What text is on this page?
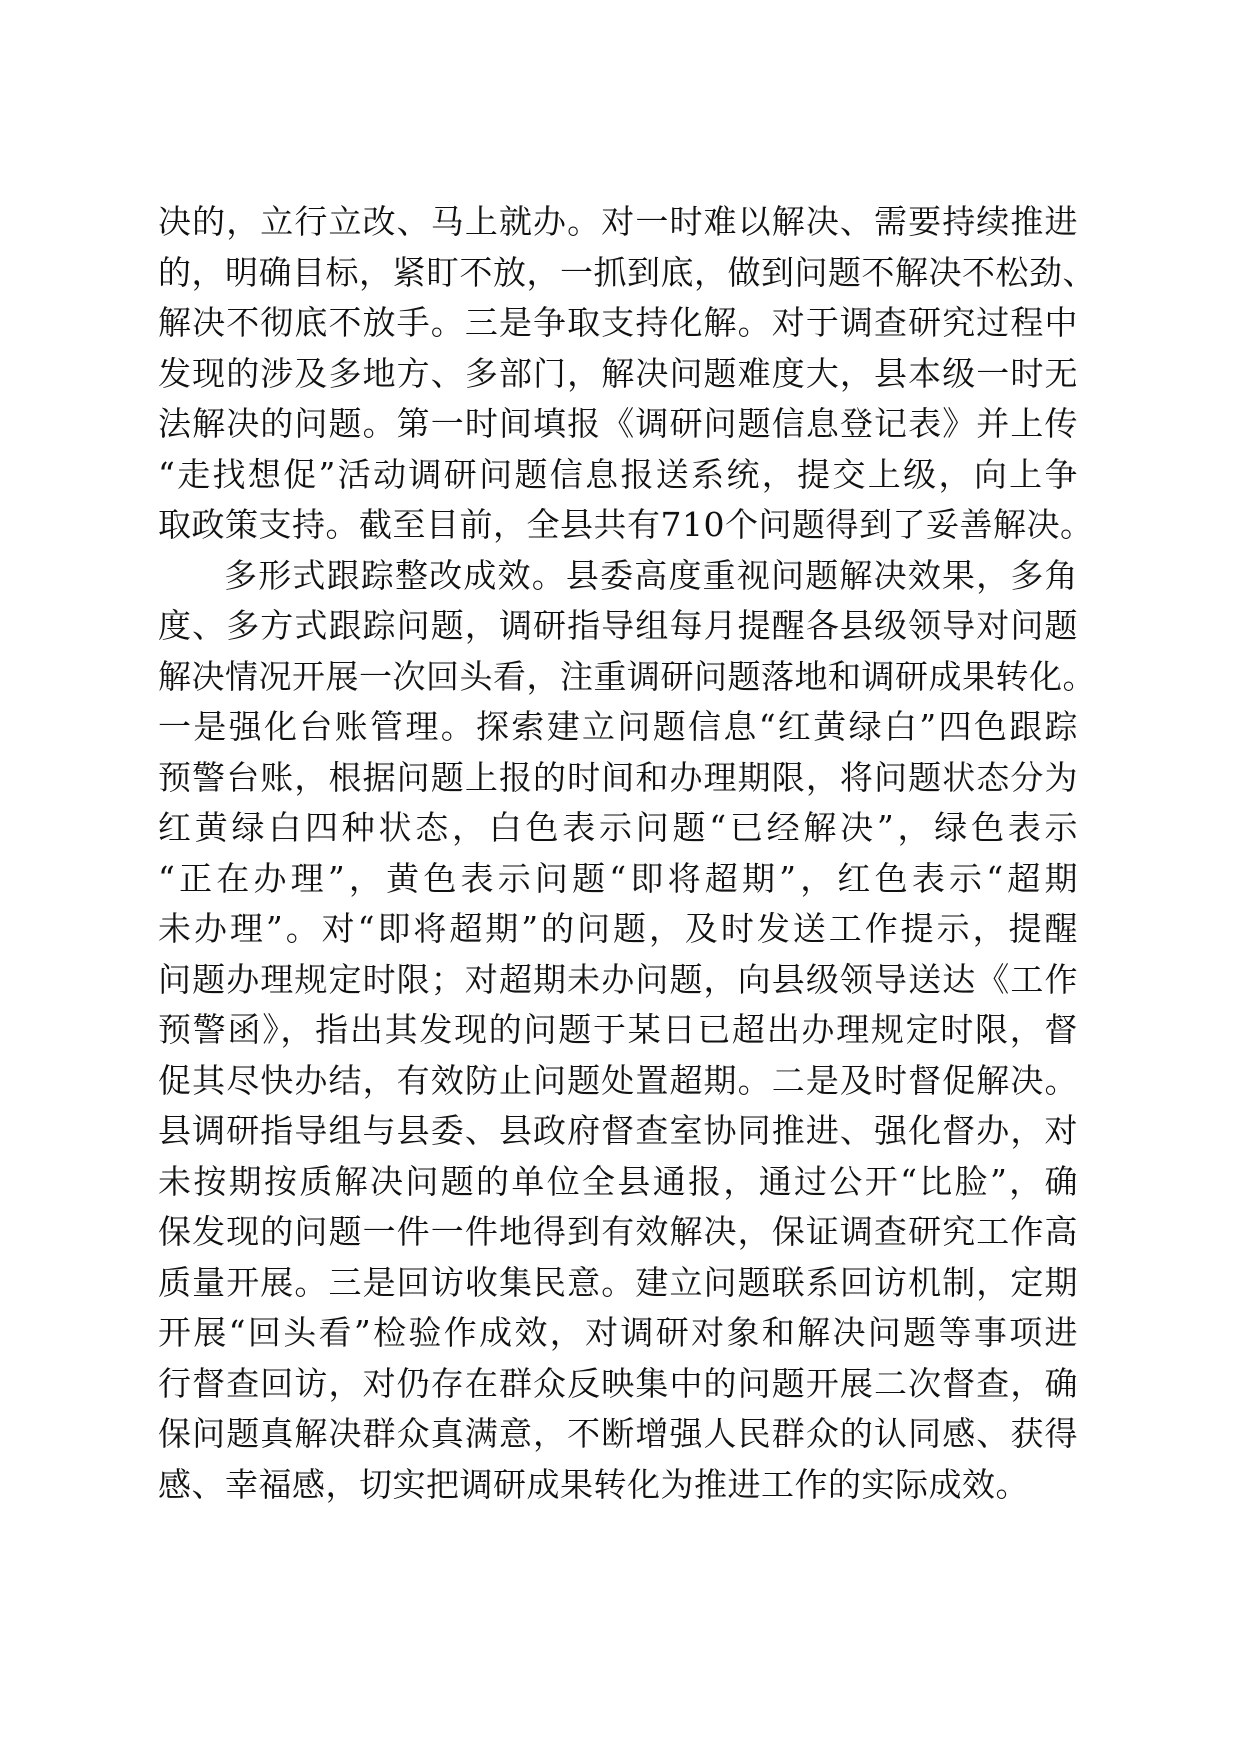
决的，立行立改、马上就办。对一时难以解决、需要持续推进
的，明确目标，紧盯不放，一抓到底，做到问题不解决不松劲、
解决不彻底不放手。三是争取支持化解。对于调查研究过程中
发现的涉及多地方、多部门，解决问题难度大，县本级一时无
法解决的问题。第一时间填报《调研问题信息登记表》并上传
“走找想促”活动调研问题信息报送系统，提交上级，向上争
取政策支持。截至目前，全县共有710个问题得到了妥善解决。
多形式跟踪整改成效。县委高度重视问题解决效果，多角
度、多方式跟踪问题，调研指导组每月提醒各县级领导对问题
解决情况开展一次回头看，注重调研问题落地和调研成果转化。
一是强化台账管理。探索建立问题信息“红黄绿白”四色跟踪
预警台账，根据问题上报的时间和办理期限，将问题状态分为
红黄绿白四种状态，白色表示问题“已经解决”，绿色表示
“正在办理”，黄色表示问题“即将超期”，红色表示“超期
未办理”。对“即将超期”的问题，及时发送工作提示，提醒
问题办理规定时限；对超期未办问题，向县级领导送达《工作
预警函》，指出其发现的问题于某日已超出办理规定时限，督
促其尽快办结，有效防止问题处置超期。二是及时督促解决。
县调研指导组与县委、县政府督查室协同推进、强化督办，对
未按期按质解决问题的单位全县通报，通过公开“比脸”，确
保发现的问题一件一件地得到有效解决，保证调查研究工作高
质量开展。三是回访收集民意。建立问题联系回访机制，定期
开展“回头看”检验作成效，对调研对象和解决问题等事项进
行督查回访，对仍存在群众反映集中的问题开展二次督查，确
保问题真解决群众真满意，不断增强人民群众的认同感、获得
感、幸福感，切实把调研成果转化为推进工作的实际成效。
